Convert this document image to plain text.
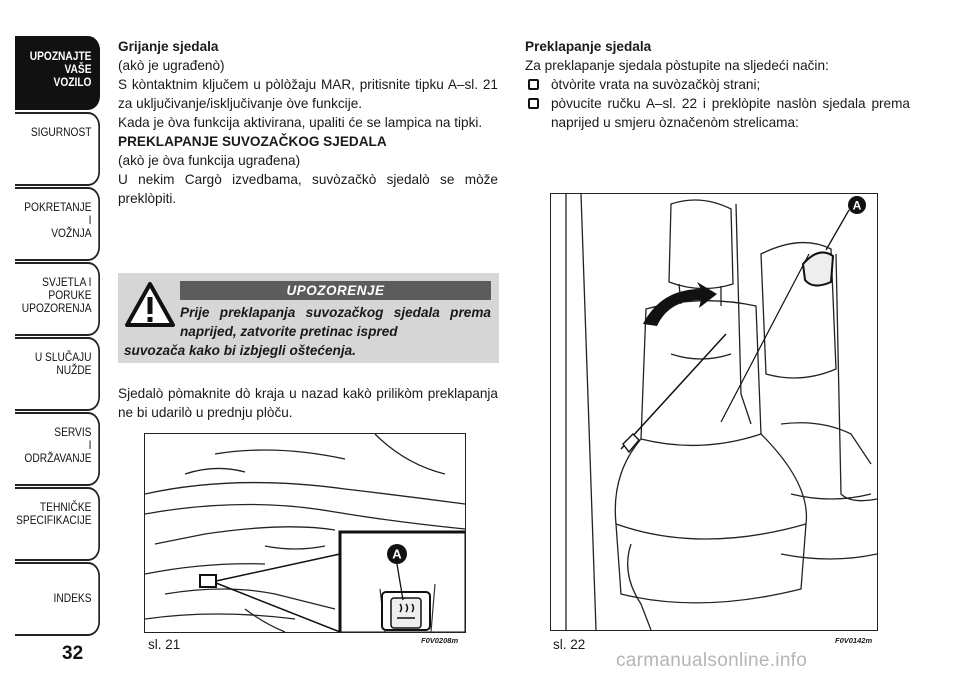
UPOZNAJTE
VAŠE
VOZILO
SIGURNOST
POKRETANJE
I
VOŽNJA
SVJETLA I
PORUKE
UPOZORENJA
U SLUČAJU
NUŽDE
SERVIS
I
ODRŽAVANJE
TEHNIČKE
SPECIFIKACIJE
INDEKS
32

Grijanje sjedala

(akò je ugrađenò)

S kòntaktnim ključem u pòlòžaju MAR, pritisnite tipku A–sl. 21 za uključivanje/isključivanje òve funkcije.

Kada je òva funkcija aktivirana, upaliti će se lampica na tipki.

PREKLAPANJE SUVOZAČKOG SJEDALA

(akò je òva funkcija ugrađena)

U nekim Cargò izvedbama, suvòzačkò sjedalò se mòže preklòpiti.

UPOZORENJE
Prije preklapanja suvozačkog sjedala prema naprijed, zatvorite pretinac ispred
suvozača kako bi izbjegli oštećenja.

Sjedalò pòmaknite dò kraja u nazad kakò prilikòm preklapanja ne bi udarilò u prednju plòču.

A
sl. 21	F0V0208m
A
sl. 22	F0V0142m

Preklapanje sjedala

Za preklapanje sjedala pòstupite na sljedeći način:

òtvòrite vrata na suvòzačkòj strani;
pòvucite ručku A–sl. 22 i preklòpite naslòn sjedala prema naprijed u smjeru òznačenòm strelicama:
carmanualsonline.info
